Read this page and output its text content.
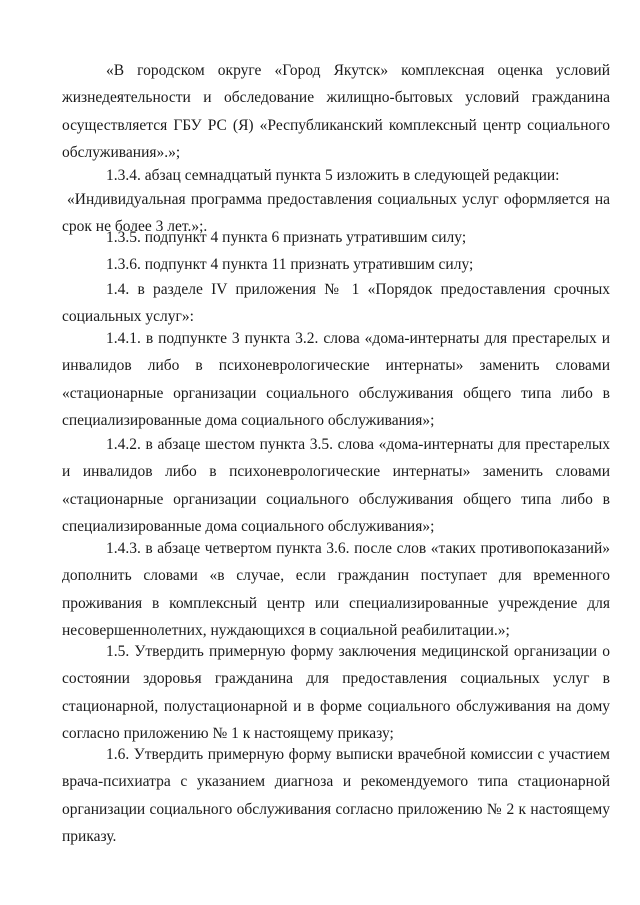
«В городском округе «Город Якутск» комплексная оценка условий жизнедеятельности и обследование жилищно-бытовых условий гражданина осуществляется ГБУ РС (Я) «Республиканский комплексный центр социального обслуживания».»;

1.3.4. абзац семнадцатый пункта 5 изложить в следующей редакции:

«Индивидуальная программа предоставления социальных услуг оформляется на срок не более 3 лет.»;.

1.3.5. подпункт 4 пункта 6 признать утратившим силу;

1.3.6. подпункт 4 пункта 11 признать утратившим силу;

1.4. в разделе IV приложения № 1 «Порядок предоставления срочных социальных услуг»:

1.4.1. в подпункте 3 пункта 3.2. слова «дома-интернаты для престарелых и инвалидов либо в психоневрологические интернаты» заменить словами «стационарные организации социального обслуживания общего типа либо в специализированные дома социального обслуживания»;

1.4.2. в абзаце шестом пункта 3.5. слова «дома-интернаты для престарелых и инвалидов либо в психоневрологические интернаты» заменить словами «стационарные организации социального обслуживания общего типа либо в специализированные дома социального обслуживания»;

1.4.3. в абзаце четвертом пункта 3.6. после слов «таких противопоказаний» дополнить словами «в случае, если гражданин поступает для временного проживания в комплексный центр или специализированные учреждение для несовершеннолетних, нуждающихся в социальной реабилитации.»;

1.5. Утвердить примерную форму заключения медицинской организации о состоянии здоровья гражданина для предоставления социальных услуг в стационарной, полустационарной и в форме социального обслуживания на дому согласно приложению № 1 к настоящему приказу;

1.6. Утвердить примерную форму выписки врачебной комиссии с участием врача-психиатра с указанием диагноза и рекомендуемого типа стационарной организации социального обслуживания согласно приложению № 2 к настоящему приказу.
